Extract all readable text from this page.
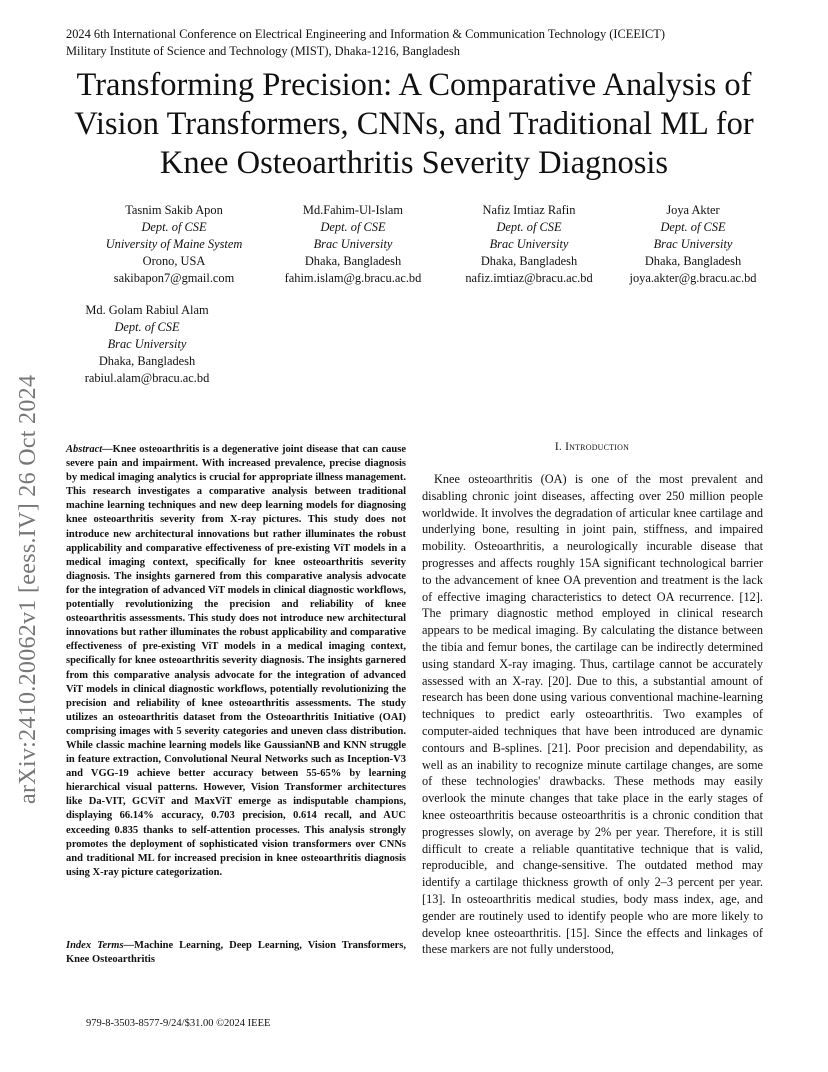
2024 6th International Conference on Electrical Engineering and Information & Communication Technology (ICEEICT)
Military Institute of Science and Technology (MIST), Dhaka-1216, Bangladesh
Transforming Precision: A Comparative Analysis of
Vision Transformers, CNNs, and Traditional ML for
Knee Osteoarthritis Severity Diagnosis
Tasnim Sakib Apon
Dept. of CSE
University of Maine System
Orono, USA
sakibapon7@gmail.com
Md.Fahim-Ul-Islam
Dept. of CSE
Brac University
Dhaka, Bangladesh
fahim.islam@g.bracu.ac.bd
Nafiz Imtiaz Rafin
Dept. of CSE
Brac University
Dhaka, Bangladesh
nafiz.imtiaz@bracu.ac.bd
Joya Akter
Dept. of CSE
Brac University
Dhaka, Bangladesh
joya.akter@g.bracu.ac.bd
Md. Golam Rabiul Alam
Dept. of CSE
Brac University
Dhaka, Bangladesh
rabiul.alam@bracu.ac.bd
arXiv:2410.20062v1 [eess.IV] 26 Oct 2024 Abstract—Knee osteoarthritis is a degenerative joint disease that can cause severe pain and impairment. With increased prevalence, precise diagnosis by medical imaging analytics is crucial for appropriate illness management. This research investigates a comparative analysis between traditional machine learning techniques and new deep learning models for diagnosing knee osteoarthritis severity from X-ray pictures. This study does not introduce new architectural innovations but rather illuminates the robust applicability and comparative effectiveness of pre-existing ViT models in a medical imaging context, specifically for knee osteoarthritis severity diagnosis. The insights garnered from this comparative analysis advocate for the integration of advanced ViT models in clinical diagnostic workflows, potentially revolutionizing the precision and reliability of knee osteoarthritis assessments. This study does not introduce new architectural innovations but rather illuminates the robust applicability and comparative effectiveness of pre-existing ViT models in a medical imaging context, specifically for knee osteoarthritis severity diagnosis. The insights garnered from this comparative analysis advocate for the integration of advanced ViT models in clinical diagnostic workflows, potentially revolutionizing the precision and reliability of knee osteoarthritis assessments. The study utilizes an osteoarthritis dataset from the Osteoarthritis Initiative (OAI) comprising images with 5 severity categories and uneven class distribution. While classic machine learning models like GaussianNB and KNN struggle in feature extraction, Convolutional Neural Networks such as Inception-V3 and VGG-19 achieve better accuracy between 55-65% by learning hierarchical visual patterns. However, Vision Transformer architectures like Da-VIT, GCViT and MaxViT emerge as indisputable champions, displaying 66.14% accuracy, 0.703 precision, 0.614 recall, and AUC exceeding 0.835 thanks to self-attention processes. This analysis strongly promotes the deployment of sophisticated vision transformers over CNNs and traditional ML for increased precision in knee osteoarthritis diagnosis using X-ray picture categorization.

Index Terms—Machine Learning, Deep Learning, Vision Transformers, Knee Osteoarthritis

979-8-3503-8577-9/24/$31.00 ©2024 IEEE
I. Introduction

Knee osteoarthritis (OA) is one of the most prevalent and disabling chronic joint diseases, affecting over 250 million people worldwide. It involves the degradation of articular knee cartilage and underlying bone, resulting in joint pain, stiffness, and impaired mobility. Osteoarthritis, a neurologically incurable disease that progresses and affects roughly 15A significant technological barrier to the advancement of knee OA prevention and treatment is the lack of effective imaging characteristics to detect OA recurrence. [12]. The primary diagnostic method employed in clinical research appears to be medical imaging. By calculating the distance between the tibia and femur bones, the cartilage can be indirectly determined using standard X-ray imaging. Thus, cartilage cannot be accurately assessed with an X-ray. [20]. Due to this, a substantial amount of research has been done using various conventional machine-learning techniques to predict early osteoarthritis. Two examples of computer-aided techniques that have been introduced are dynamic contours and B-splines. [21]. Poor precision and dependability, as well as an inability to recognize minute cartilage changes, are some of these technologies' drawbacks. These methods may easily overlook the minute changes that take place in the early stages of knee osteoarthritis because osteoarthritis is a chronic condition that progresses slowly, on average by 2% per year. Therefore, it is still difficult to create a reliable quantitative technique that is valid, reproducible, and change-sensitive. The outdated method may identify a cartilage thickness growth of only 2–3 percent per year. [13]. In osteoarthritis medical studies, body mass index, age, and gender are routinely used to identify people who are more likely to develop knee osteoarthritis. [15]. Since the effects and linkages of these markers are not fully understood,
